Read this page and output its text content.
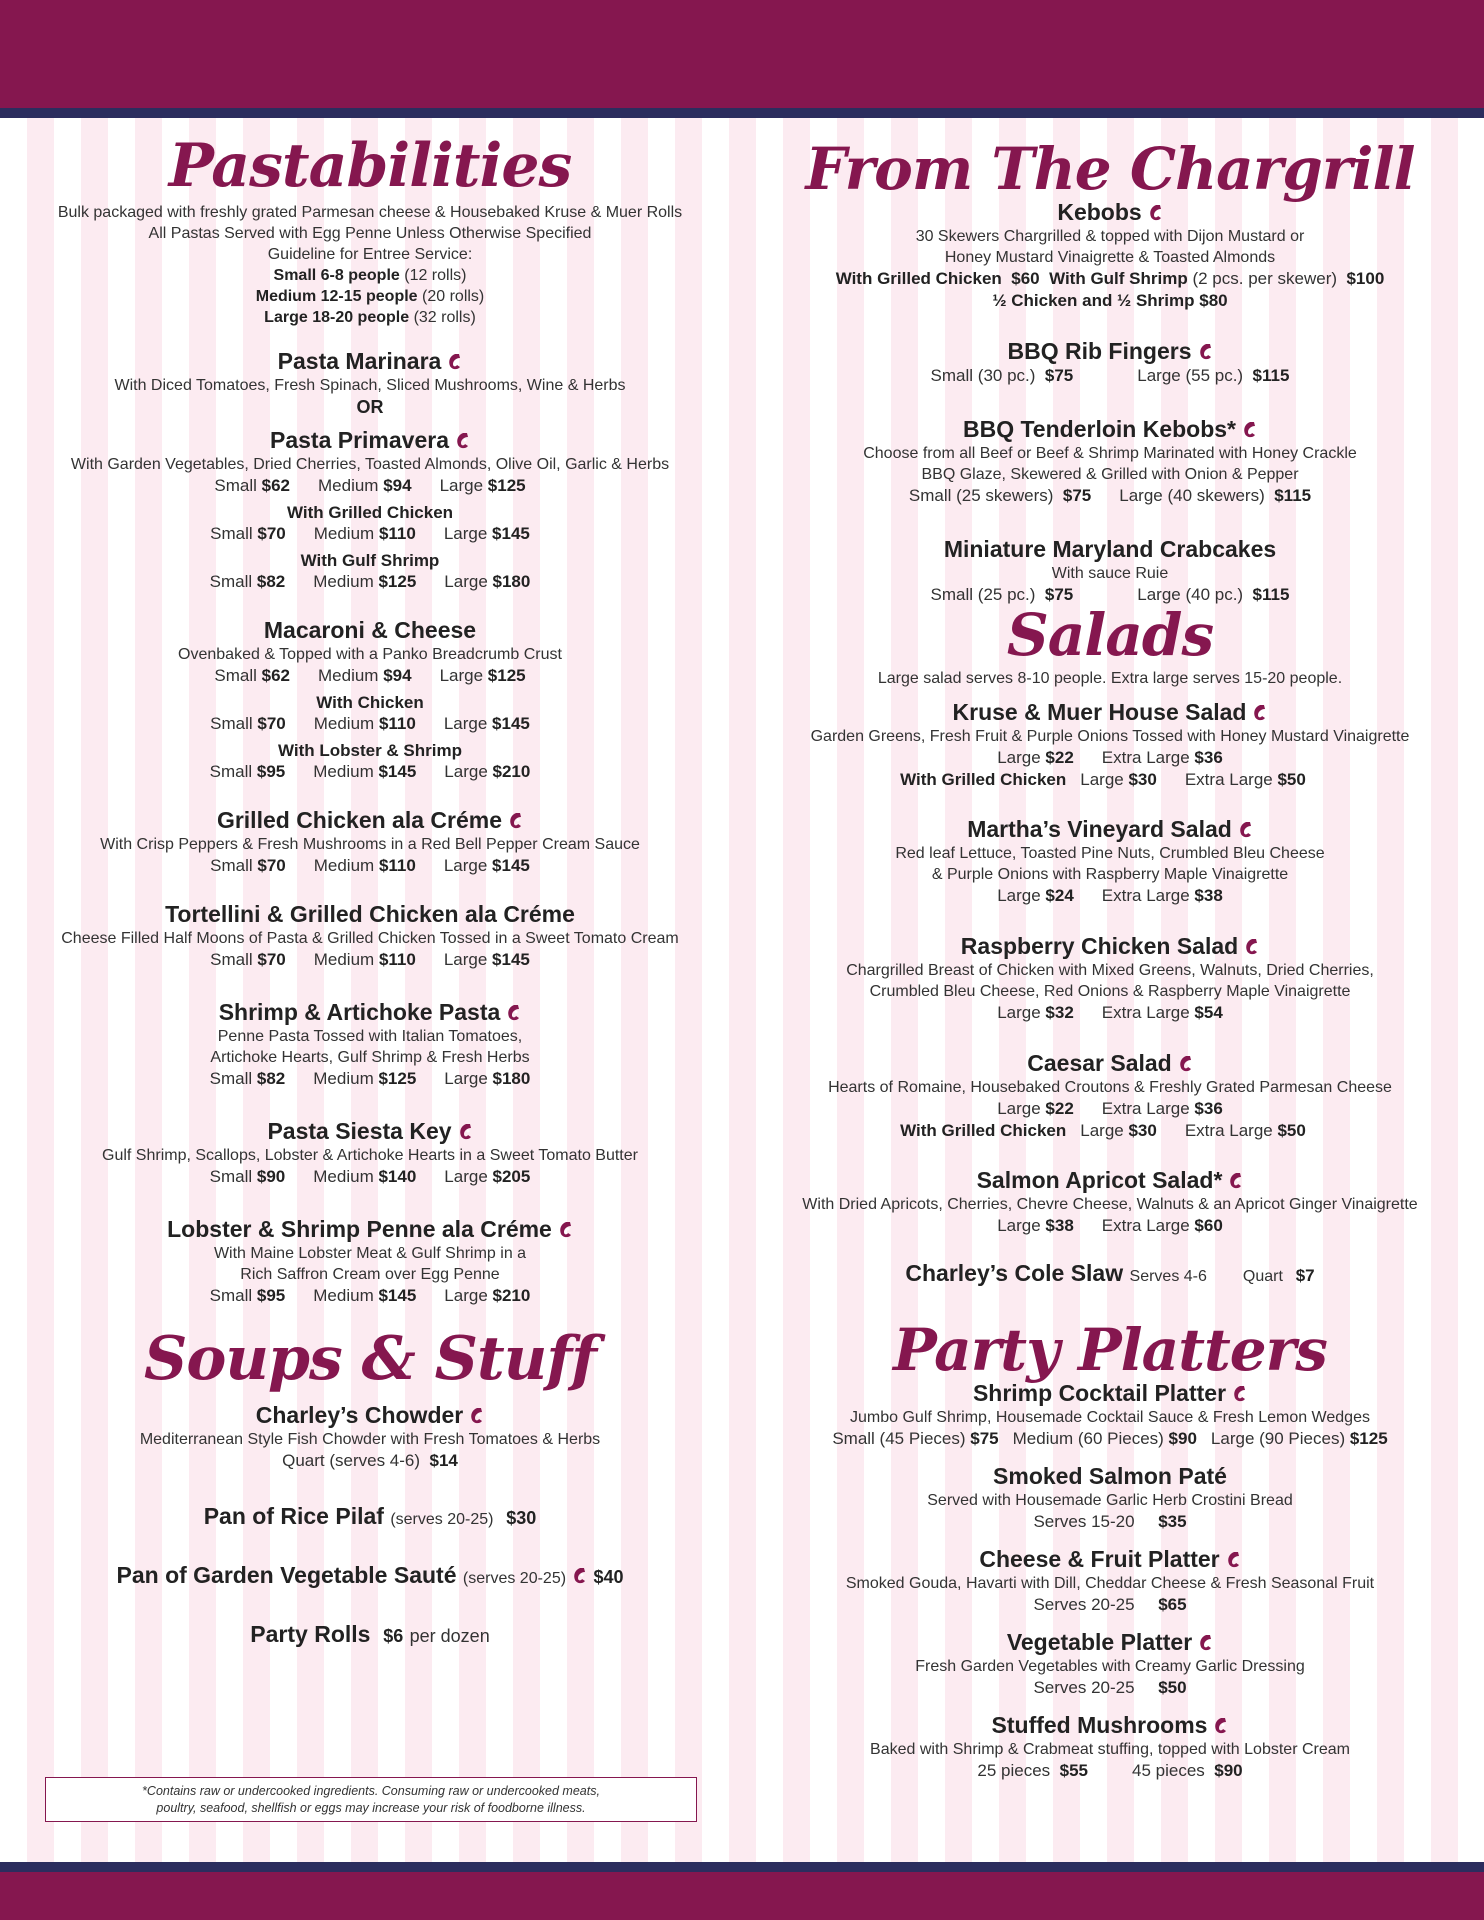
Pastabilities
Bulk packaged with freshly grated Parmesan cheese & Housebaked Kruse & Muer Rolls
All Pastas Served with Egg Penne Unless Otherwise Specified
Guideline for Entree Service:
Small 6-8 people (12 rolls)
Medium 12-15 people (20 rolls)
Large 18-20 people (32 rolls)
Pasta Marinara
With Diced Tomatoes, Fresh Spinach, Sliced Mushrooms, Wine & Herbs
OR
Pasta Primavera
With Garden Vegetables, Dried Cherries, Toasted Almonds, Olive Oil, Garlic & Herbs
Small $62 Medium $94 Large $125
With Grilled Chicken
Small $70 Medium $110 Large $145
With Gulf Shrimp
Small $82 Medium $125 Large $180
Macaroni & Cheese
Ovenbaked & Topped with a Panko Breadcrumb Crust
Small $62 Medium $94 Large $125
With Chicken
Small $70 Medium $110 Large $145
With Lobster & Shrimp
Small $95 Medium $145 Large $210
Grilled Chicken ala Créme
With Crisp Peppers & Fresh Mushrooms in a Red Bell Pepper Cream Sauce
Small $70 Medium $110 Large $145
Tortellini & Grilled Chicken ala Créme
Cheese Filled Half Moons of Pasta & Grilled Chicken Tossed in a Sweet Tomato Cream
Small $70 Medium $110 Large $145
Shrimp & Artichoke Pasta
Penne Pasta Tossed with Italian Tomatoes,
Artichoke Hearts, Gulf Shrimp & Fresh Herbs
Small $82 Medium $125 Large $180
Pasta Siesta Key
Gulf Shrimp, Scallops, Lobster & Artichoke Hearts in a Sweet Tomato Butter
Small $90 Medium $140 Large $205
Lobster & Shrimp Penne ala Créme
With Maine Lobster Meat & Gulf Shrimp in a
Rich Saffron Cream over Egg Penne
Small $95 Medium $145 Large $210
Soups & Stuff
Charley’s Chowder
Mediterranean Style Fish Chowder with Fresh Tomatoes & Herbs
Quart (serves 4-6) $14
Pan of Rice Pilaf (serves 20-25) $30
Pan of Garden Vegetable Sauté (serves 20-25) $40
Party Rolls $6 per dozen
*Contains raw or undercooked ingredients. Consuming raw or undercooked meats,
poultry, seafood, shellfish or eggs may increase your risk of foodborne illness.
From The Chargrill
Kebobs
30 Skewers Chargrilled & topped with Dijon Mustard or
Honey Mustard Vinaigrette & Toasted Almonds
With Grilled Chicken $60 With Gulf Shrimp (2 pcs. per skewer) $100
½ Chicken and ½ Shrimp $80
BBQ Rib Fingers
Small (30 pc.) $75	Large (55 pc.) $115
BBQ Tenderloin Kebobs*
Choose from all Beef or Beef & Shrimp Marinated with Honey Crackle
BBQ Glaze, Skewered & Grilled with Onion & Pepper
Small (25 skewers) $75 Large (40 skewers) $115
Miniature Maryland Crabcakes
With sauce Ruie
Small (25 pc.) $75	Large (40 pc.) $115
Salads
Large salad serves 8-10 people. Extra large serves 15-20 people.
Kruse & Muer House Salad
Garden Greens, Fresh Fruit & Purple Onions Tossed with Honey Mustard Vinaigrette
Large $22 Extra Large $36
With Grilled Chicken Large $30 Extra Large $50
Martha’s Vineyard Salad
Red leaf Lettuce, Toasted Pine Nuts, Crumbled Bleu Cheese
& Purple Onions with Raspberry Maple Vinaigrette
Large $24 Extra Large $38
Raspberry Chicken Salad
Chargrilled Breast of Chicken with Mixed Greens, Walnuts, Dried Cherries,
Crumbled Bleu Cheese, Red Onions & Raspberry Maple Vinaigrette
Large $32 Extra Large $54
Caesar Salad
Hearts of Romaine, Housebaked Croutons & Freshly Grated Parmesan Cheese
Large $22 Extra Large $36
With Grilled Chicken Large $30 Extra Large $50
Salmon Apricot Salad*
With Dried Apricots, Cherries, Chevre Cheese, Walnuts & an Apricot Ginger Vinaigrette
Large $38 Extra Large $60
Charley’s Cole Slaw Serves 4-6 Quart $7
Party Platters
Shrimp Cocktail Platter
Jumbo Gulf Shrimp, Housemade Cocktail Sauce & Fresh Lemon Wedges
Small (45 Pieces) $75 Medium (60 Pieces) $90 Large (90 Pieces) $125
Smoked Salmon Paté
Served with Housemade Garlic Herb Crostini Bread
Serves 15-20 $35
Cheese & Fruit Platter
Smoked Gouda, Havarti with Dill, Cheddar Cheese & Fresh Seasonal Fruit
Serves 20-25 $65
Vegetable Platter
Fresh Garden Vegetables with Creamy Garlic Dressing
Serves 20-25 $50
Stuffed Mushrooms
Baked with Shrimp & Crabmeat stuffing, topped with Lobster Cream
25 pieces $55	45 pieces $90
